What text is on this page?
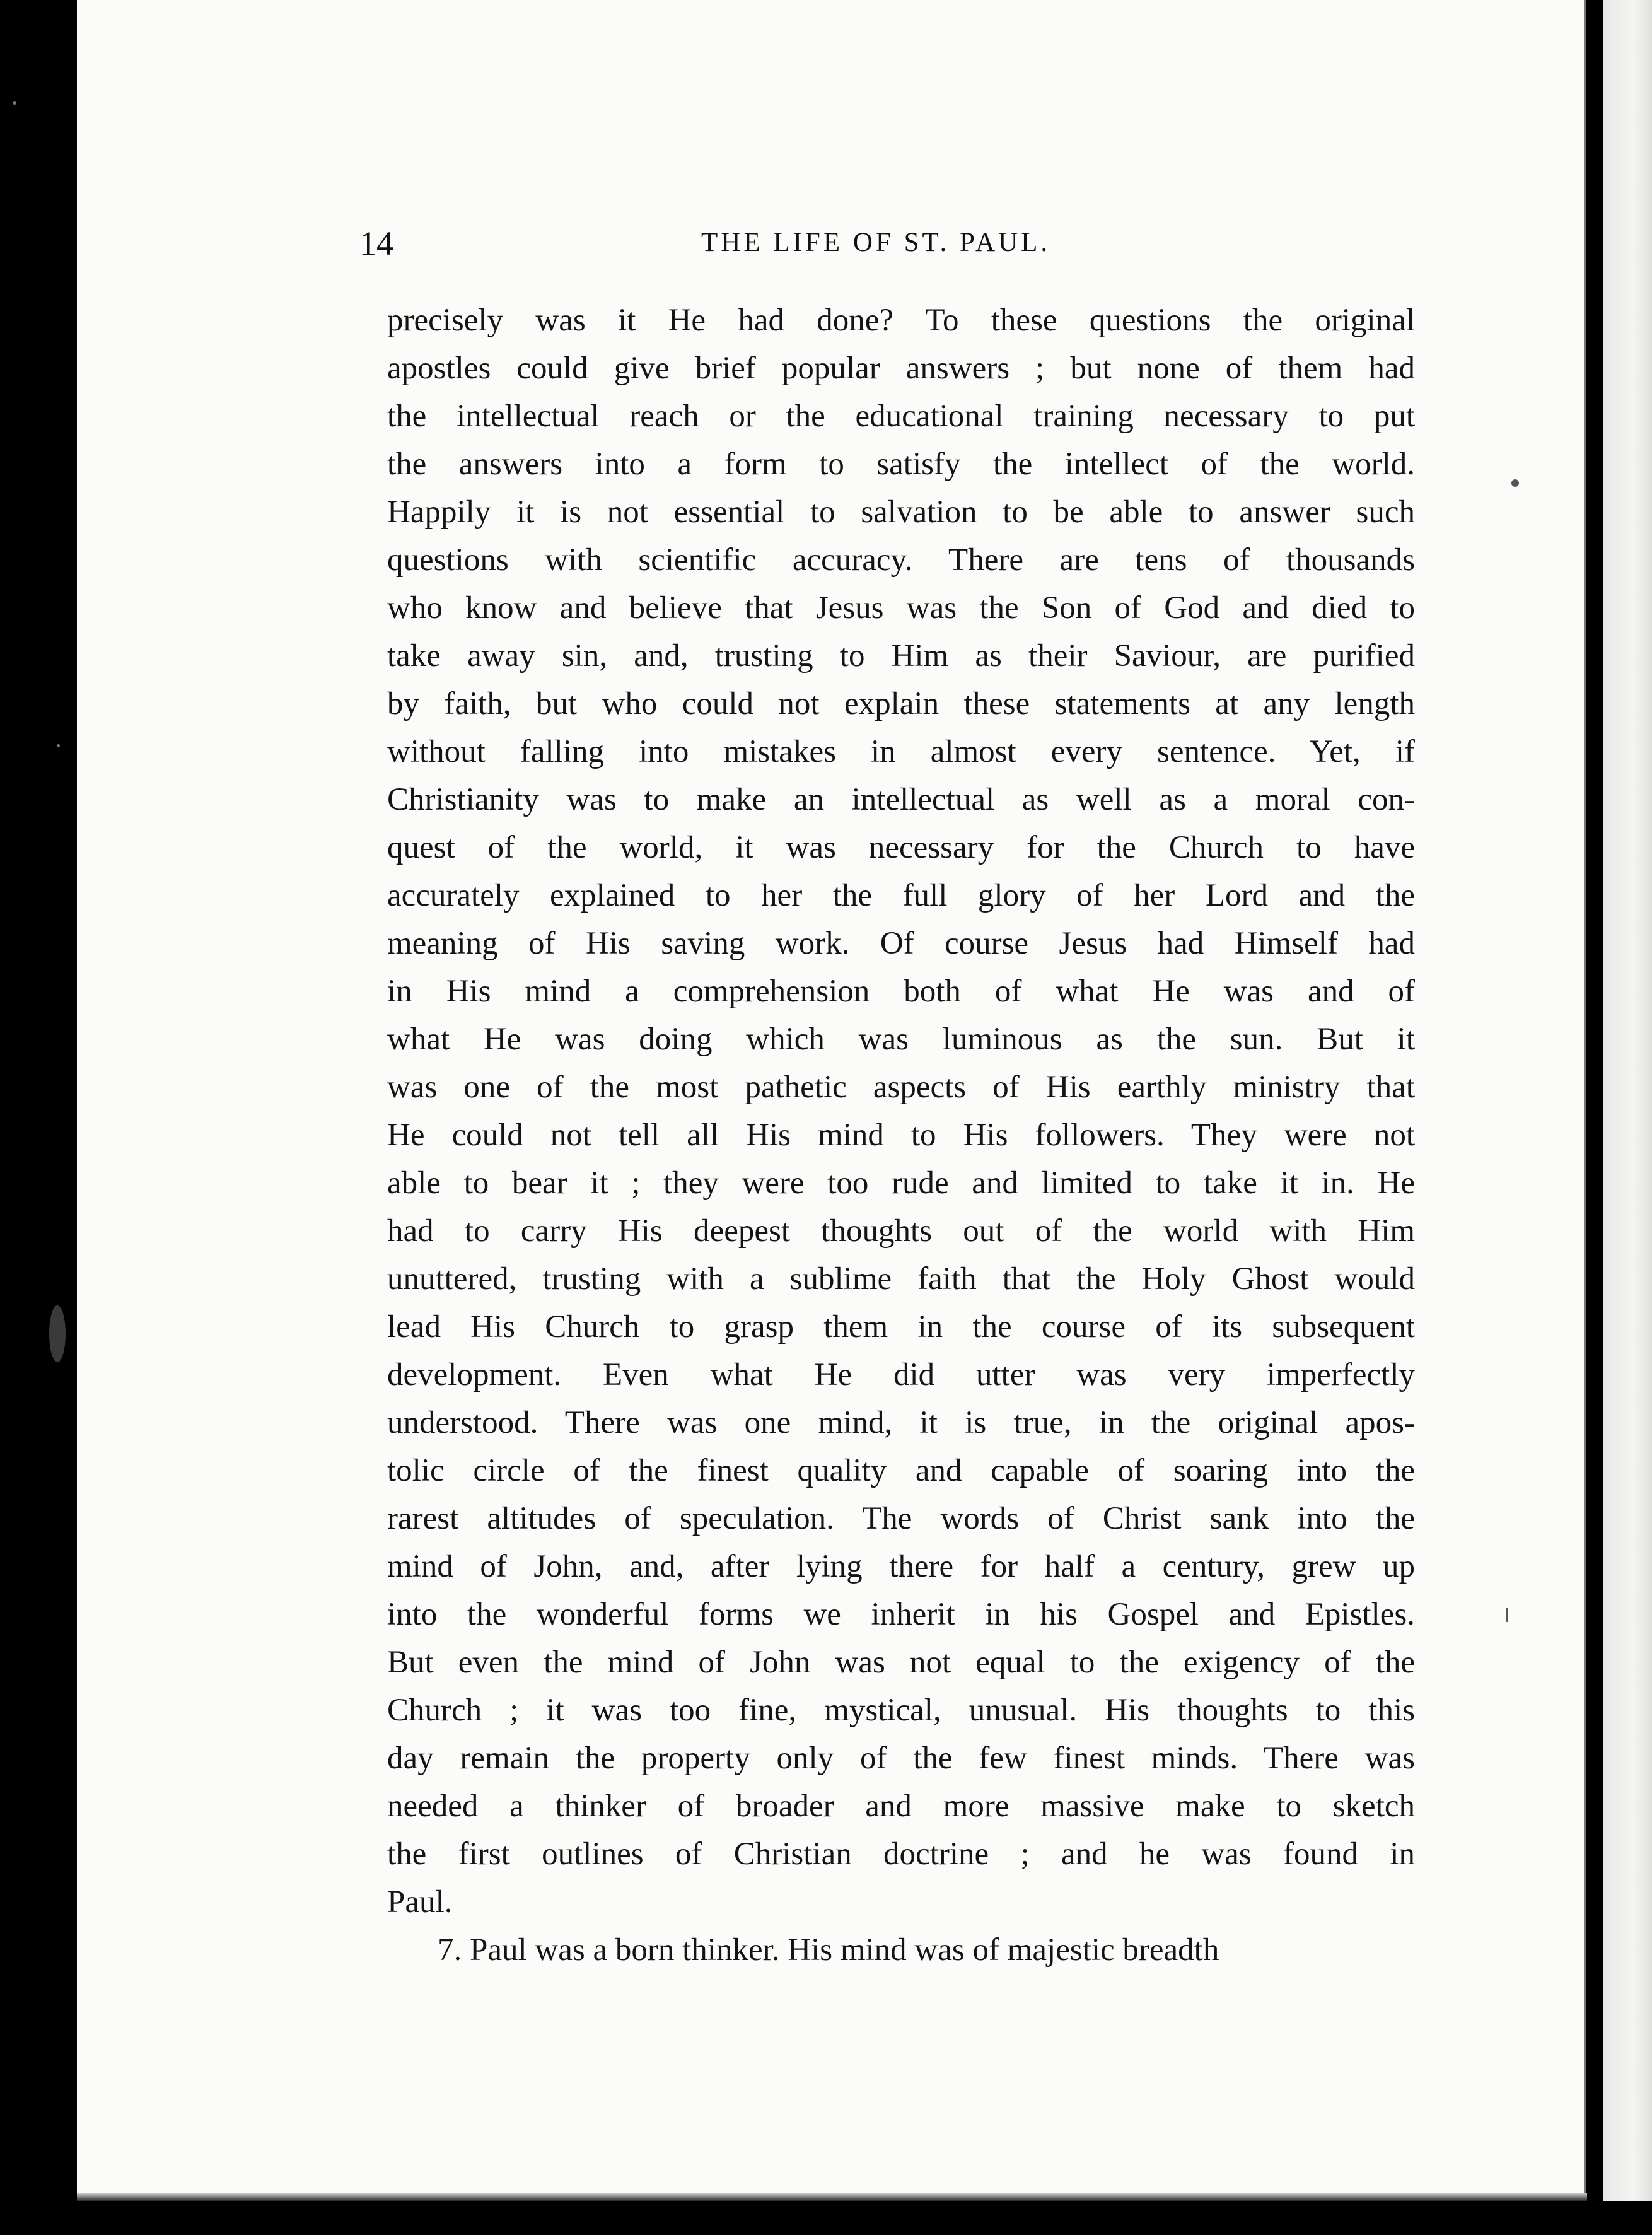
14	THE LIFE OF ST. PAUL.
precisely was it He had done? To these questions the original
apostles could give brief popular answers ; but none of them had
the intellectual reach or the educational training necessary to put
the answers into a form to satisfy the intellect of the world.
Happily it is not essential to salvation to be able to answer such
questions with scientific accuracy. There are tens of thousands
who know and believe that Jesus was the Son of God and died to
take away sin, and, trusting to Him as their Saviour, are purified
by faith, but who could not explain these statements at any length
without falling into mistakes in almost every sentence. Yet, if
Christianity was to make an intellectual as well as a moral con-
quest of the world, it was necessary for the Church to have
accurately explained to her the full glory of her Lord and the
meaning of His saving work. Of course Jesus had Himself had
in His mind a comprehension both of what He was and of
what He was doing which was luminous as the sun. But it
was one of the most pathetic aspects of His earthly ministry that
He could not tell all His mind to His followers. They were not
able to bear it ; they were too rude and limited to take it in. He
had to carry His deepest thoughts out of the world with Him
unuttered, trusting with a sublime faith that the Holy Ghost would
lead His Church to grasp them in the course of its subsequent
development. Even what He did utter was very imperfectly
understood. There was one mind, it is true, in the original apos-
tolic circle of the finest quality and capable of soaring into the
rarest altitudes of speculation. The words of Christ sank into the
mind of John, and, after lying there for half a century, grew up
into the wonderful forms we inherit in his Gospel and Epistles.
But even the mind of John was not equal to the exigency of the
Church ; it was too fine, mystical, unusual. His thoughts to this
day remain the property only of the few finest minds. There was
needed a thinker of broader and more massive make to sketch
the first outlines of Christian doctrine ; and he was found in
Paul.
7. Paul was a born thinker. His mind was of majestic breadth
